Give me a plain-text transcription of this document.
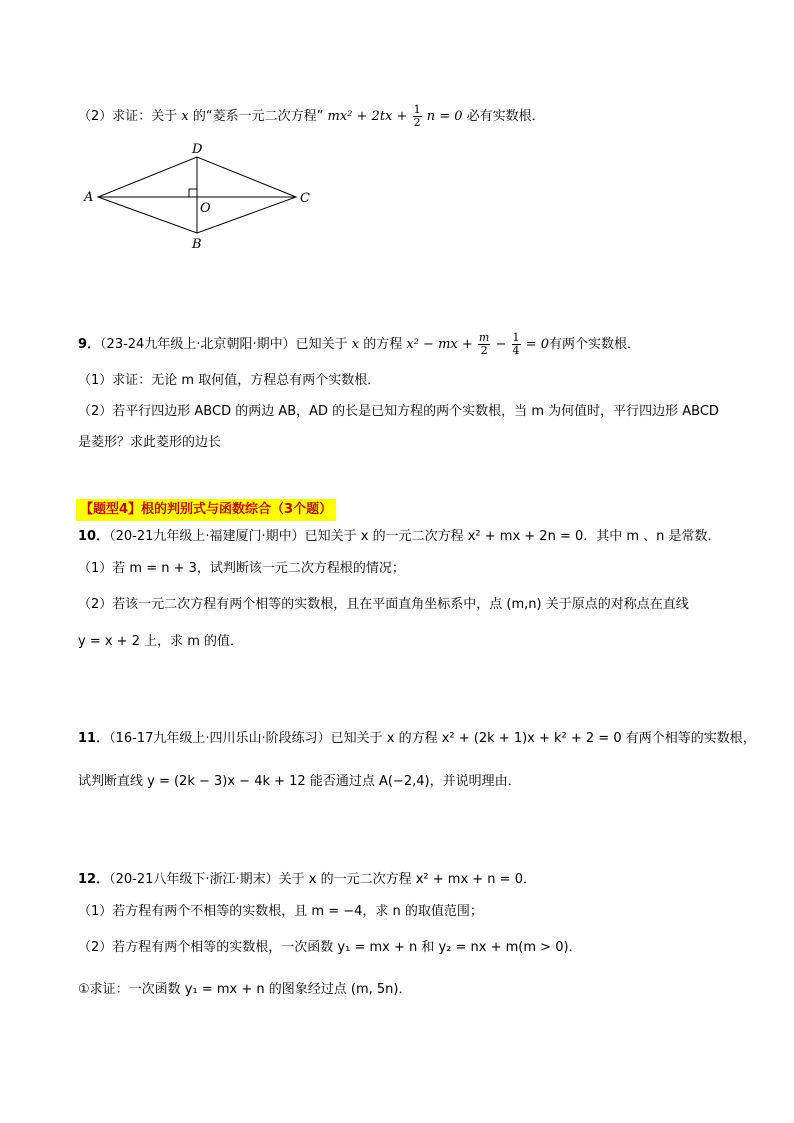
（2）求证：关于 x 的“菱系一元二次方程” $mx^2 + 2tx + \frac{1}{2}$ n = 0 必有实数根．
A
B
C
D
O
9．（23-24九年级上·北京朝阳·期中）已知关于 x 的方程 x² − mx + $\frac{m}{2} - \frac{1}{4} = 0$有两个实数根．
（1）求证：无论 m 取何值，方程总有两个实数根．
（2）若平行四边形 ABCD 的两边 AB，AD 的长是已知方程的两个实数根，当 m 为何值时，平行四边形 ABCD
是菱形？求此菱形的边长
【题型4】根的判别式与函数综合（3个题）
10．（20-21九年级上·福建厦门·期中）已知关于 x 的一元二次方程 x² + mx + 2n = 0．其中 m 、n 是常数．
（1）若 m = n + 3，试判断该一元二次方程根的情况；
（2）若该一元二次方程有两个相等的实数根，且在平面直角坐标系中，点 (m,n) 关于原点的对称点在直线
y = x + 2 上，求 m 的值．
11．（16-17九年级上·四川乐山·阶段练习）已知关于 x 的方程 x² + (2k + 1)x + k² + 2 = 0 有两个相等的实数根，
试判断直线 y = (2k − 3)x − 4k + 12 能否通过点 A(−2,4)，并说明理由．
12．（20-21八年级下·浙江·期末）关于 x 的一元二次方程 x² + mx + n = 0．
（1）若方程有两个不相等的实数根，且 m = −4，求 n 的取值范围；
（2）若方程有两个相等的实数根，一次函数 y₁ = mx + n 和 y₂ = nx + m(m > 0)．
①求证：一次函数 y₁ = mx + n 的图象经过点 (m, 5n)．
